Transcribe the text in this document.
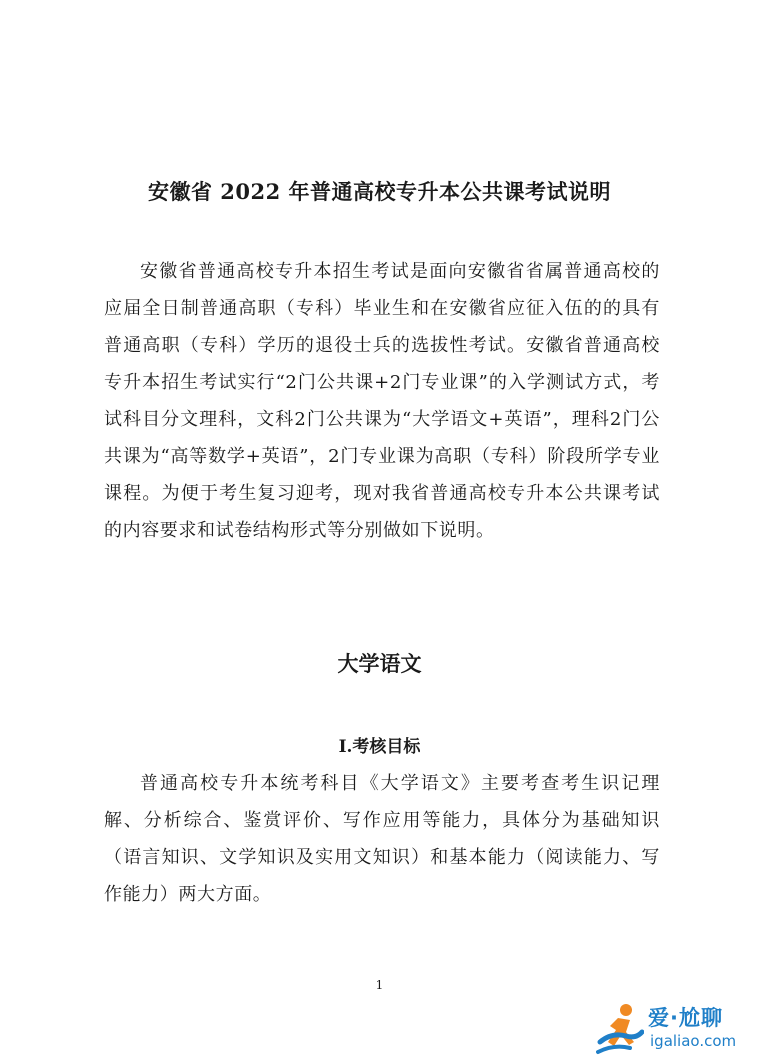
安徽省 2022 年普通高校专升本公共课考试说明

安徽省普通高校专升本招生考试是面向安徽省省属普通高校的应届全日制普通高职（专科）毕业生和在安徽省应征入伍的的具有普通高职（专科）学历的退役士兵的选拔性考试。安徽省普通高校专升本招生考试实行“2门公共课+2门专业课”的入学测试方式，考试科目分文理科，文科2门公共课为“大学语文+英语”，理科2门公共课为“高等数学+英语”，2门专业课为高职（专科）阶段所学专业课程。为便于考生复习迎考，现对我省普通高校专升本公共课考试的内容要求和试卷结构形式等分别做如下说明。

大学语文
I.考核目标

普通高校专升本统考科目《大学语文》主要考查考生识记理解、分析综合、鉴赏评价、写作应用等能力，具体分为基础知识（语言知识、文学知识及实用文知识）和基本能力（阅读能力、写作能力）两大方面。

1
爱·尬聊
igaliao.com
